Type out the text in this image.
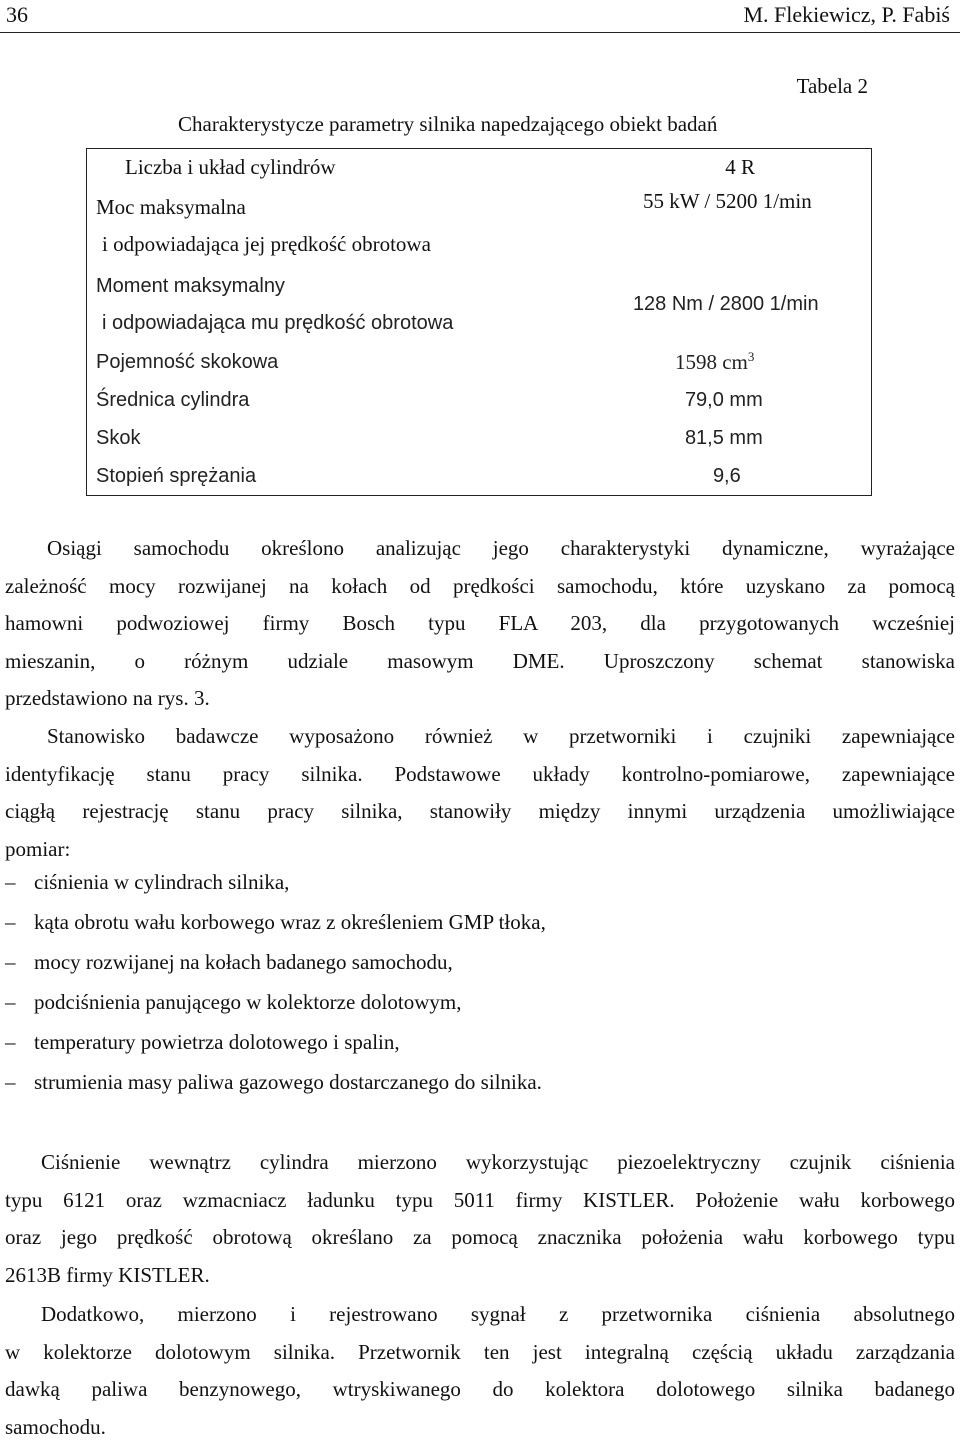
36	M. Flekiewicz, P. Fabiś
Tabela 2
Charakterystycze parametry silnika napedzającego obiekt badań
Liczba i układ cylindrów	4 R

Moc maksymalna
i odpowiadająca jej prędkość obrotowa	55 kW / 5200 1/min

Moment maksymalny
i odpowiadająca mu prędkość obrotowa	128 Nm / 2800 1/min
Pojemność skokowa	1598 $cm^3$
Średnica cylindra	79,0 mm
Skok	81,5 mm
Stopień sprężania	9,6
Osiągi samochodu określono analizując jego charakterystyki dynamiczne, wyrażające
zależność mocy rozwijanej na kołach od prędkości samochodu, które uzyskano za pomocą
hamowni podwoziowej firmy Bosch typu FLA 203, dla przygotowanych wcześniej
mieszanin, o różnym udziale masowym DME. Uproszczony schemat stanowiska
przedstawiono na rys. 3.
Stanowisko badawcze wyposażono również w przetworniki i czujniki zapewniające
identyfikację stanu pracy silnika. Podstawowe układy kontrolno-pomiarowe, zapewniające
ciągłą rejestrację stanu pracy silnika, stanowiły między innymi urządzenia umożliwiające
pomiar:
– ciśnienia w cylindrach silnika,
– kąta obrotu wału korbowego wraz z określeniem GMP tłoka,
– mocy rozwijanej na kołach badanego samochodu,
– podciśnienia panującego w kolektorze dolotowym,
– temperatury powietrza dolotowego i spalin,
– strumienia masy paliwa gazowego dostarczanego do silnika.
Ciśnienie wewnątrz cylindra mierzono wykorzystując piezoelektryczny czujnik ciśnienia
typu 6121 oraz wzmacniacz ładunku typu 5011 firmy KISTLER. Położenie wału korbowego
oraz jego prędkość obrotową określano za pomocą znacznika położenia wału korbowego typu
2613B firmy KISTLER.
Dodatkowo, mierzono i rejestrowano sygnał z przetwornika ciśnienia absolutnego
w kolektorze dolotowym silnika. Przetwornik ten jest integralną częścią układu zarządzania
dawką paliwa benzynowego, wtryskiwanego do kolektora dolotowego silnika badanego
samochodu.
